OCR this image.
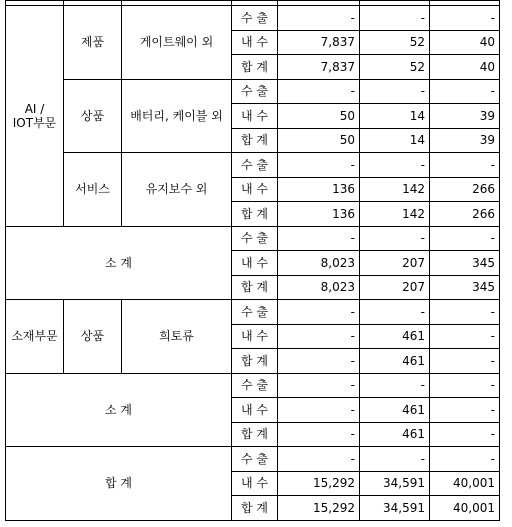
AI /
IOT부문	제품	게이트웨이 외	수 출	-	-	-
			내 수	7,837	52	40
			합 계	7,837	52	40
	상품	배터리, 케이블 외	수 출	-	-	-
			내 수	50	14	39
			합 계	50	14	39
	서비스	유지보수 외	수 출	-	-	-
			내 수	136	142	266
			합 계	136	142	266
소 계			수 출	-	-	-
			내 수	8,023	207	345
			합 계	8,023	207	345
소재부문	상품	희토류	수 출	-	-	-
			내 수	-	461	-
			합 계	-	461	-
소 계			수 출	-	-	-
			내 수	-	461	-
			합 계	-	461	-
합 계			수 출	-	-	-
			내 수	15,292	34,591	40,001
			합 계	15,292	34,591	40,001
